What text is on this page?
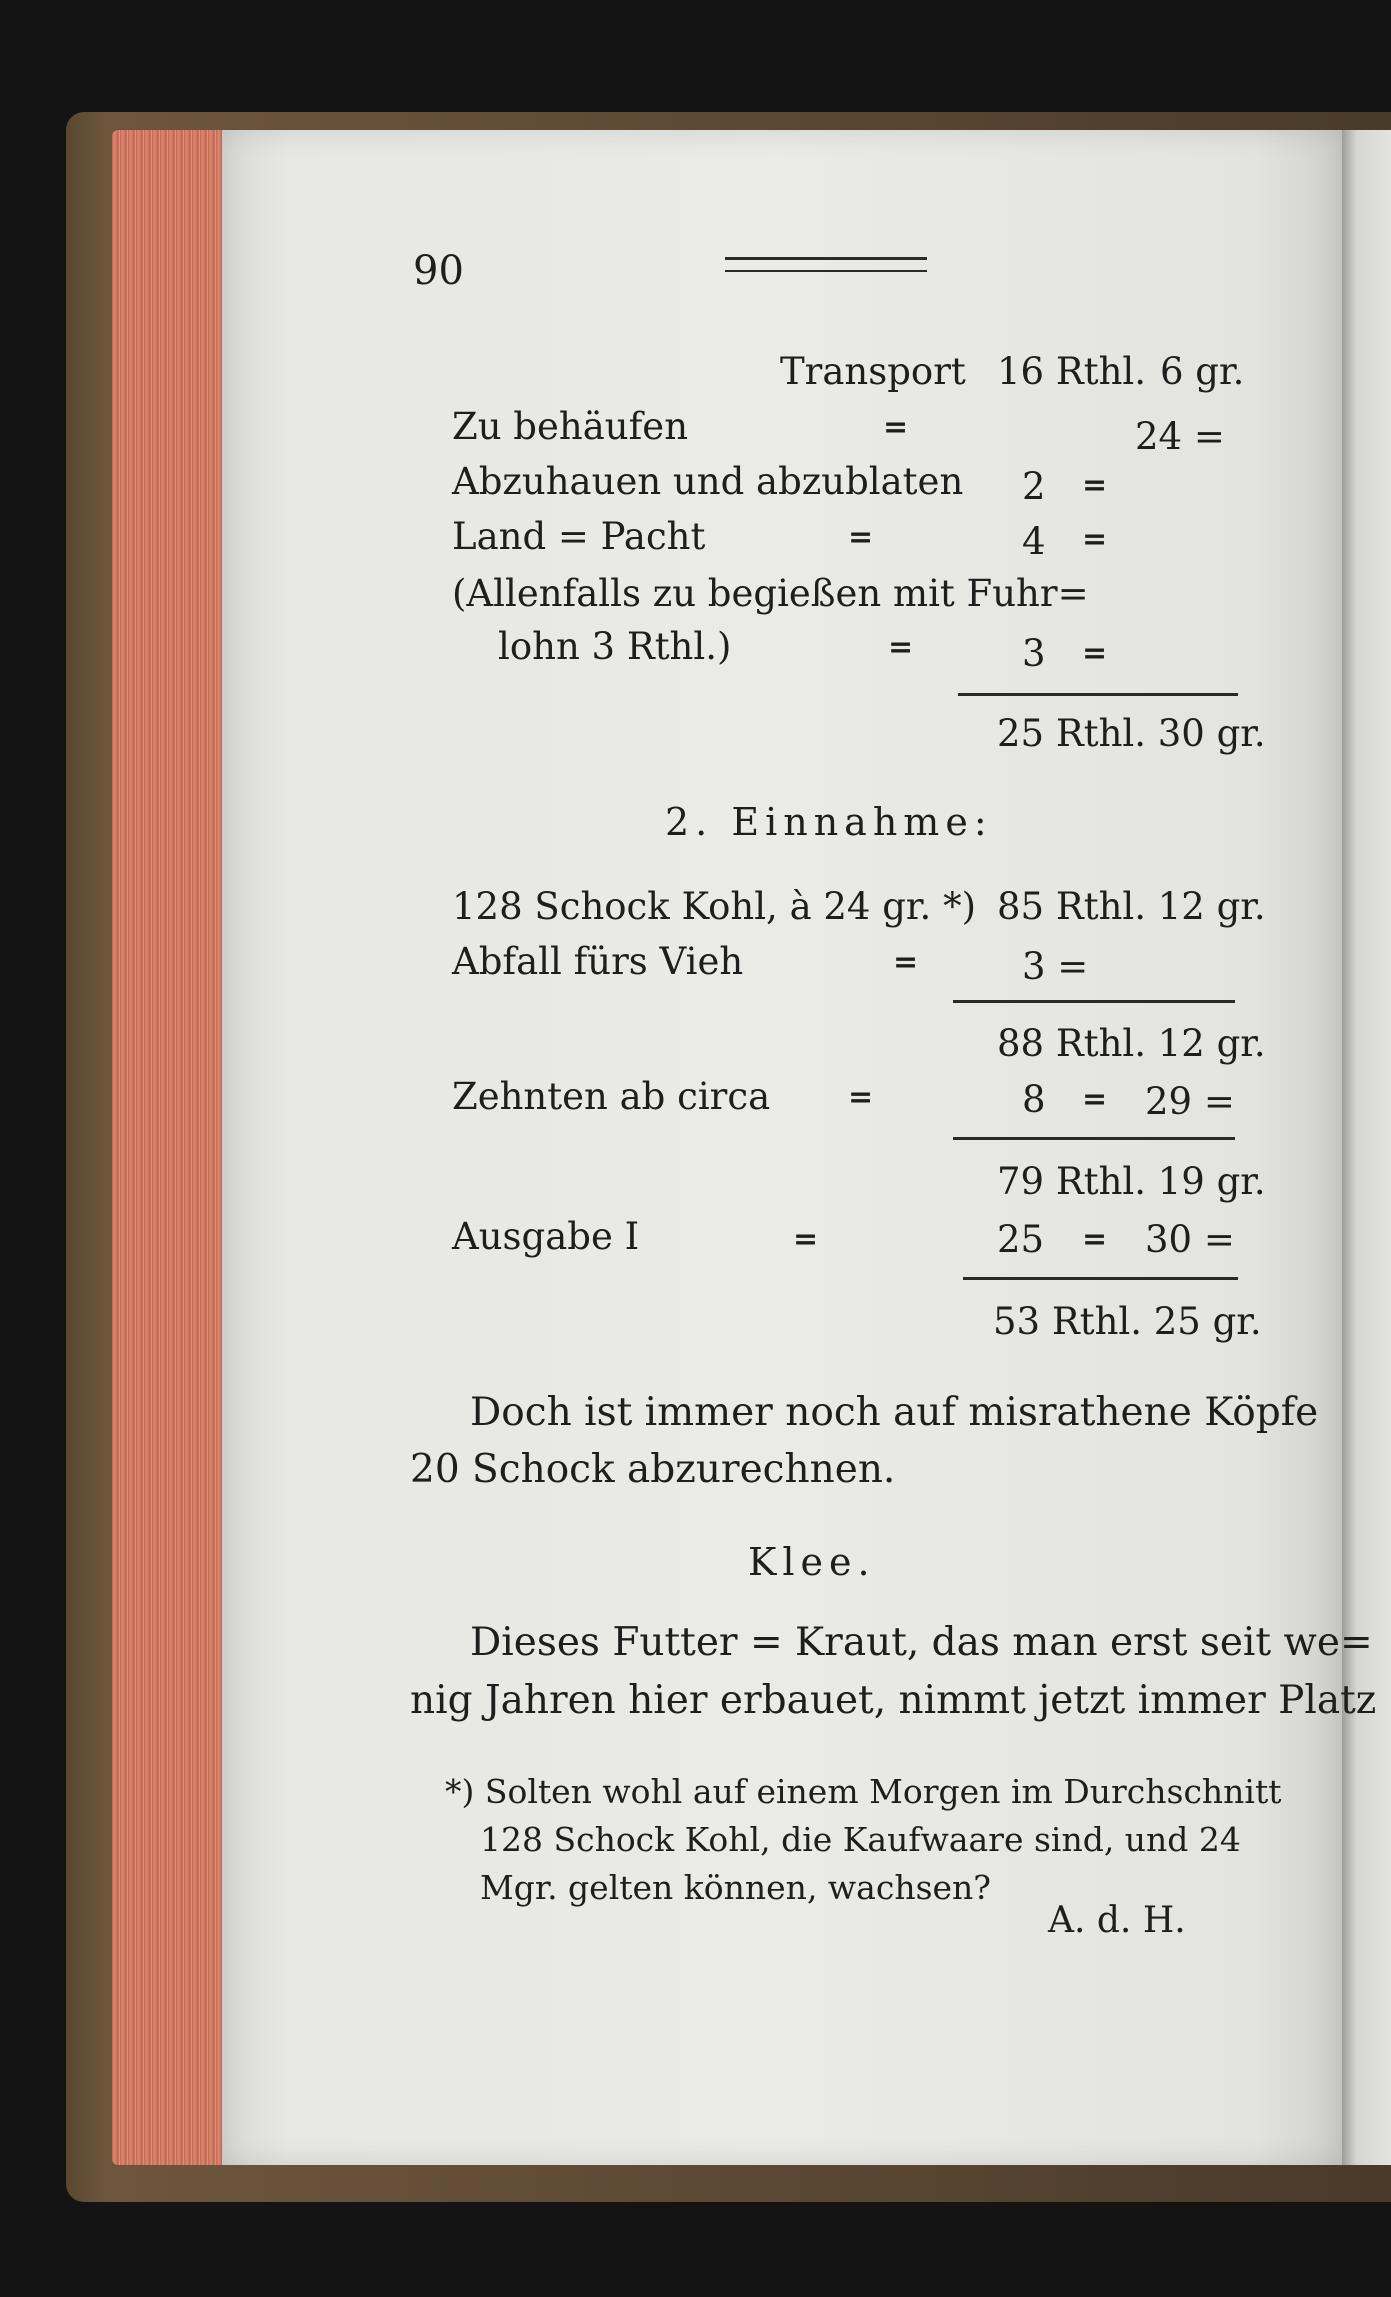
90
Transport 16 Rthl. 6 gr.
Zu behäufen	=	24 =
Abzuhauen und abzublaten 2 =
Land = Pacht	=	4 =
(Allenfalls zu begießen mit Fuhr=
lohn 3 Rthl.)	=	3 =
25 Rthl. 30 gr.
2. Einnahme:
128 Schock Kohl, à 24 gr. *) 85 Rthl. 12 gr.
Abfall fürs Vieh	=	3 =
88 Rthl. 12 gr.
Zehnten ab circa	=	8 = 29 =
79 Rthl. 19 gr.
Ausgabe I	=	25 = 30 =
53 Rthl. 25 gr.
Doch ist immer noch auf misrathene Köpfe
20 Schock abzurechnen.
Klee.
Dieses Futter = Kraut, das man erst seit we=
nig Jahren hier erbauet, nimmt jetzt immer Platz
*) Solten wohl auf einem Morgen im Durchschnitt
128 Schock Kohl, die Kaufwaare sind, und 24
Mgr. gelten können, wachsen?
A. d. H.
